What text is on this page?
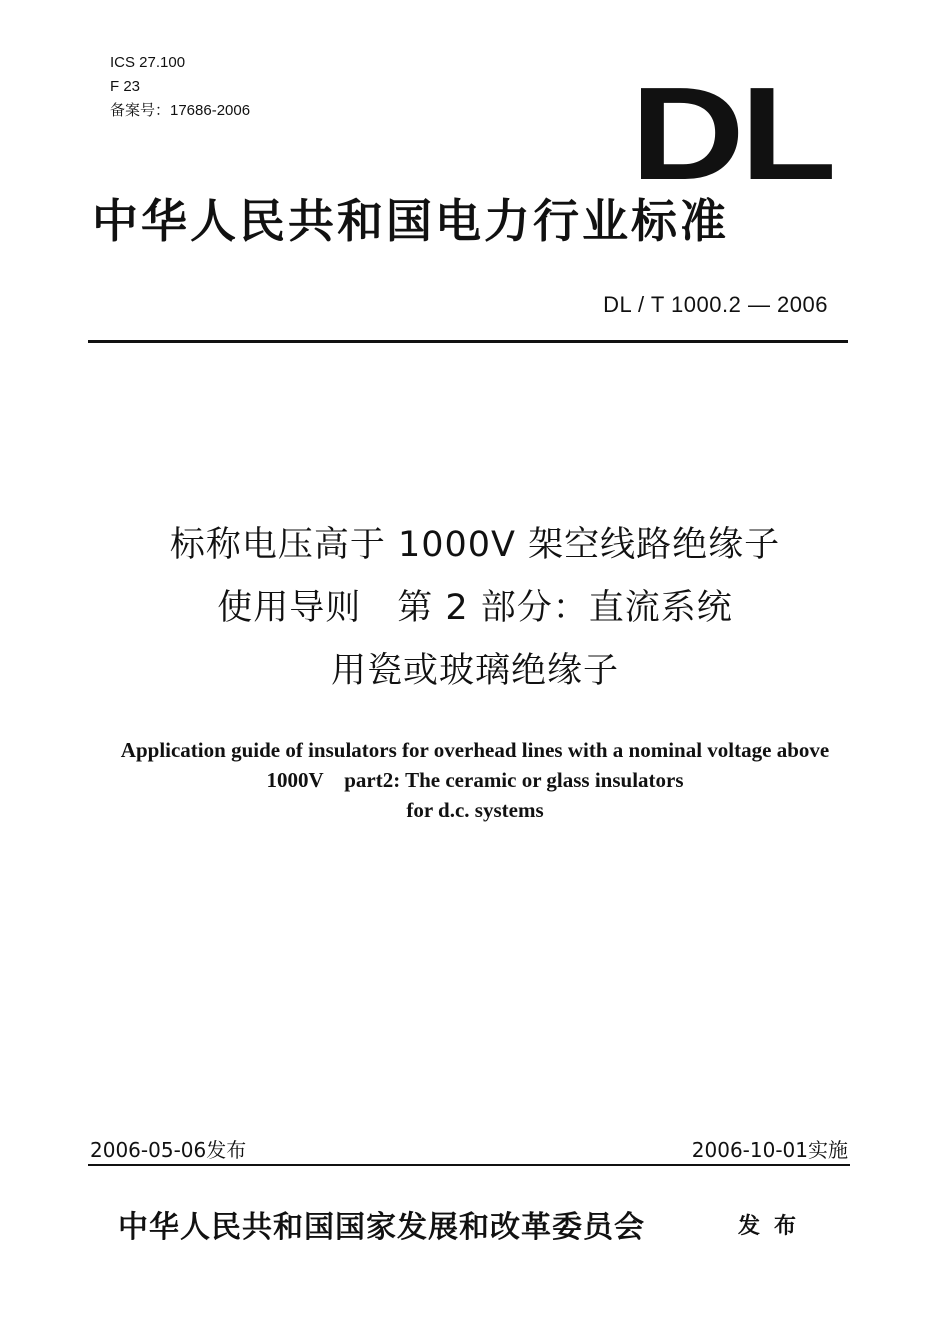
ICS 27.100
F 23
备案号：17686-2006	DL
中华人民共和国电力行业标准
DL / T 1000.2 — 2006
标称电压高于 1000V 架空线路绝缘子
使用导则　第 2 部分：直流系统
用瓷或玻璃绝缘子
Application guide of insulators for overhead lines with a nominal voltage above
1000V　part2: The ceramic or glass insulators
for d.c. systems
2006-05-06发布	2006-10-01实施
中华人民共和国国家发展和改革委员会	发布
